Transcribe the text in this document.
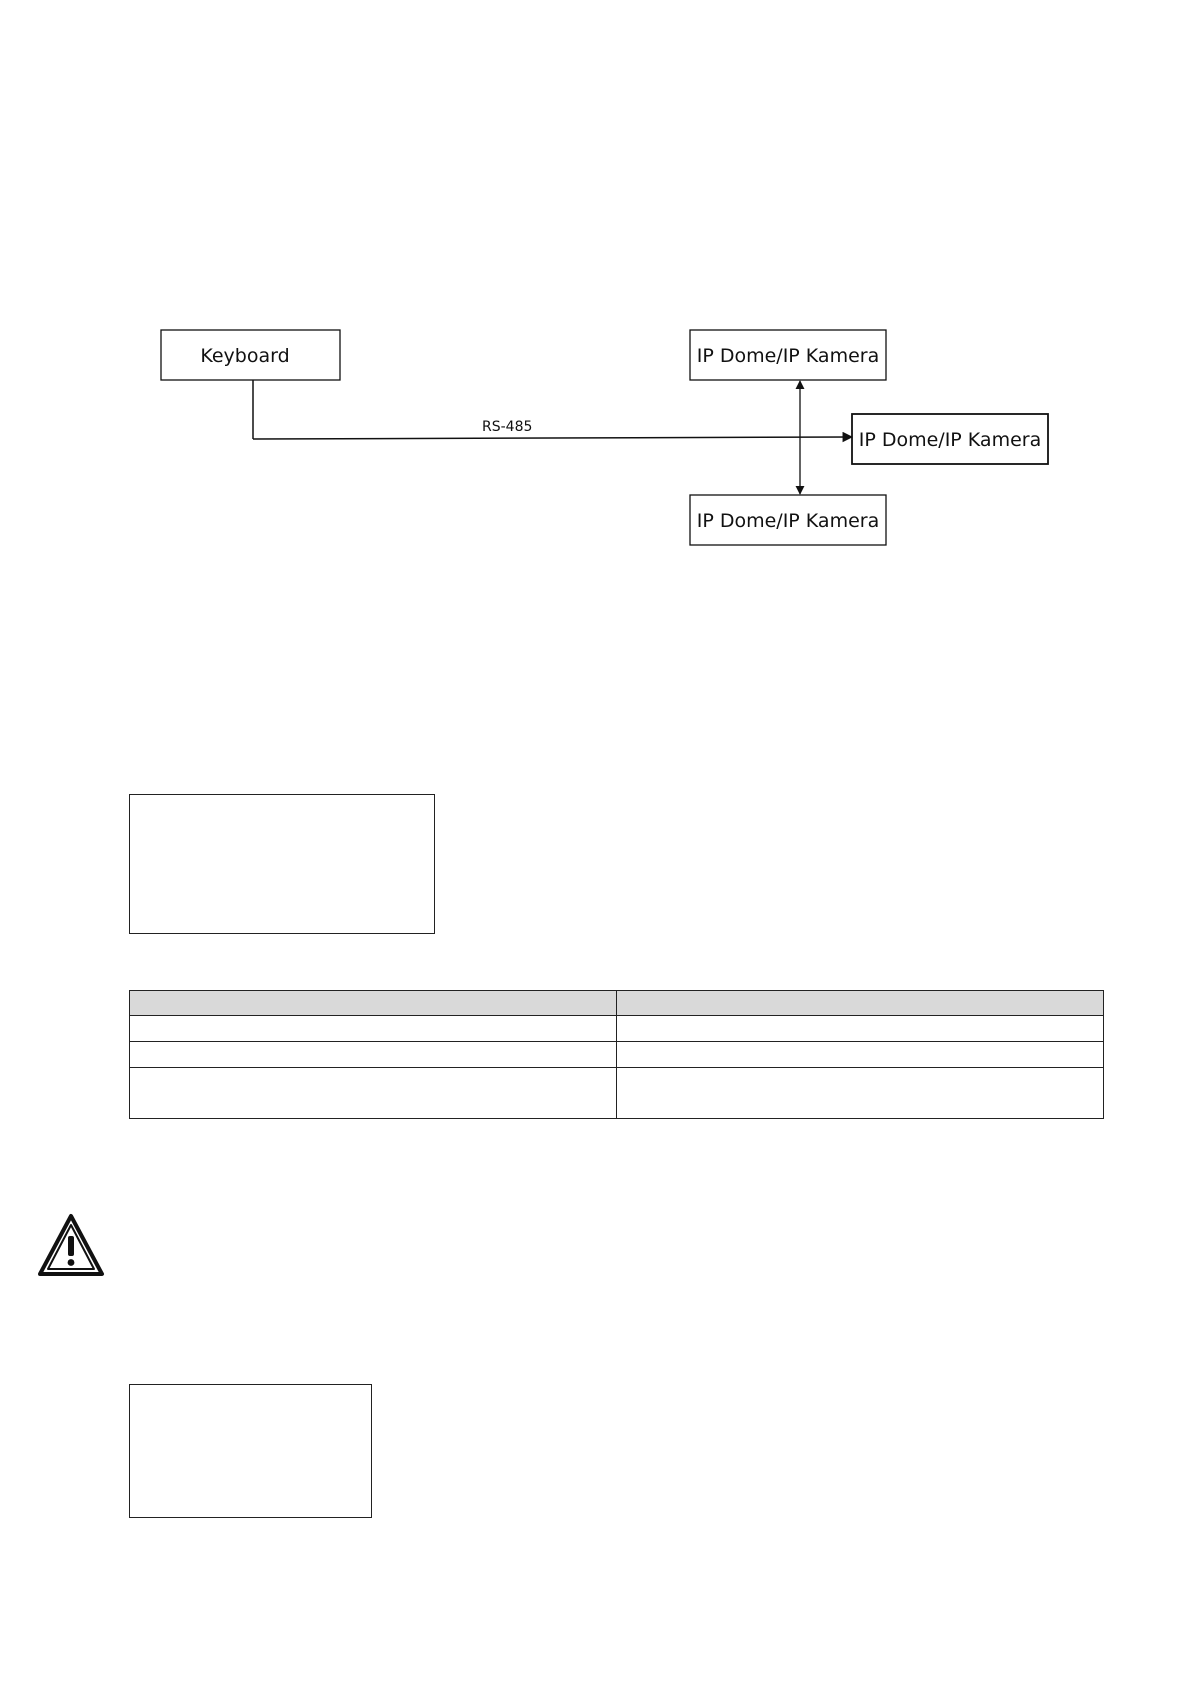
Keyboard	IP Dome/IP Kamera
IP Dome/IP Kamera
IP Dome/IP Kamera
RS-485
